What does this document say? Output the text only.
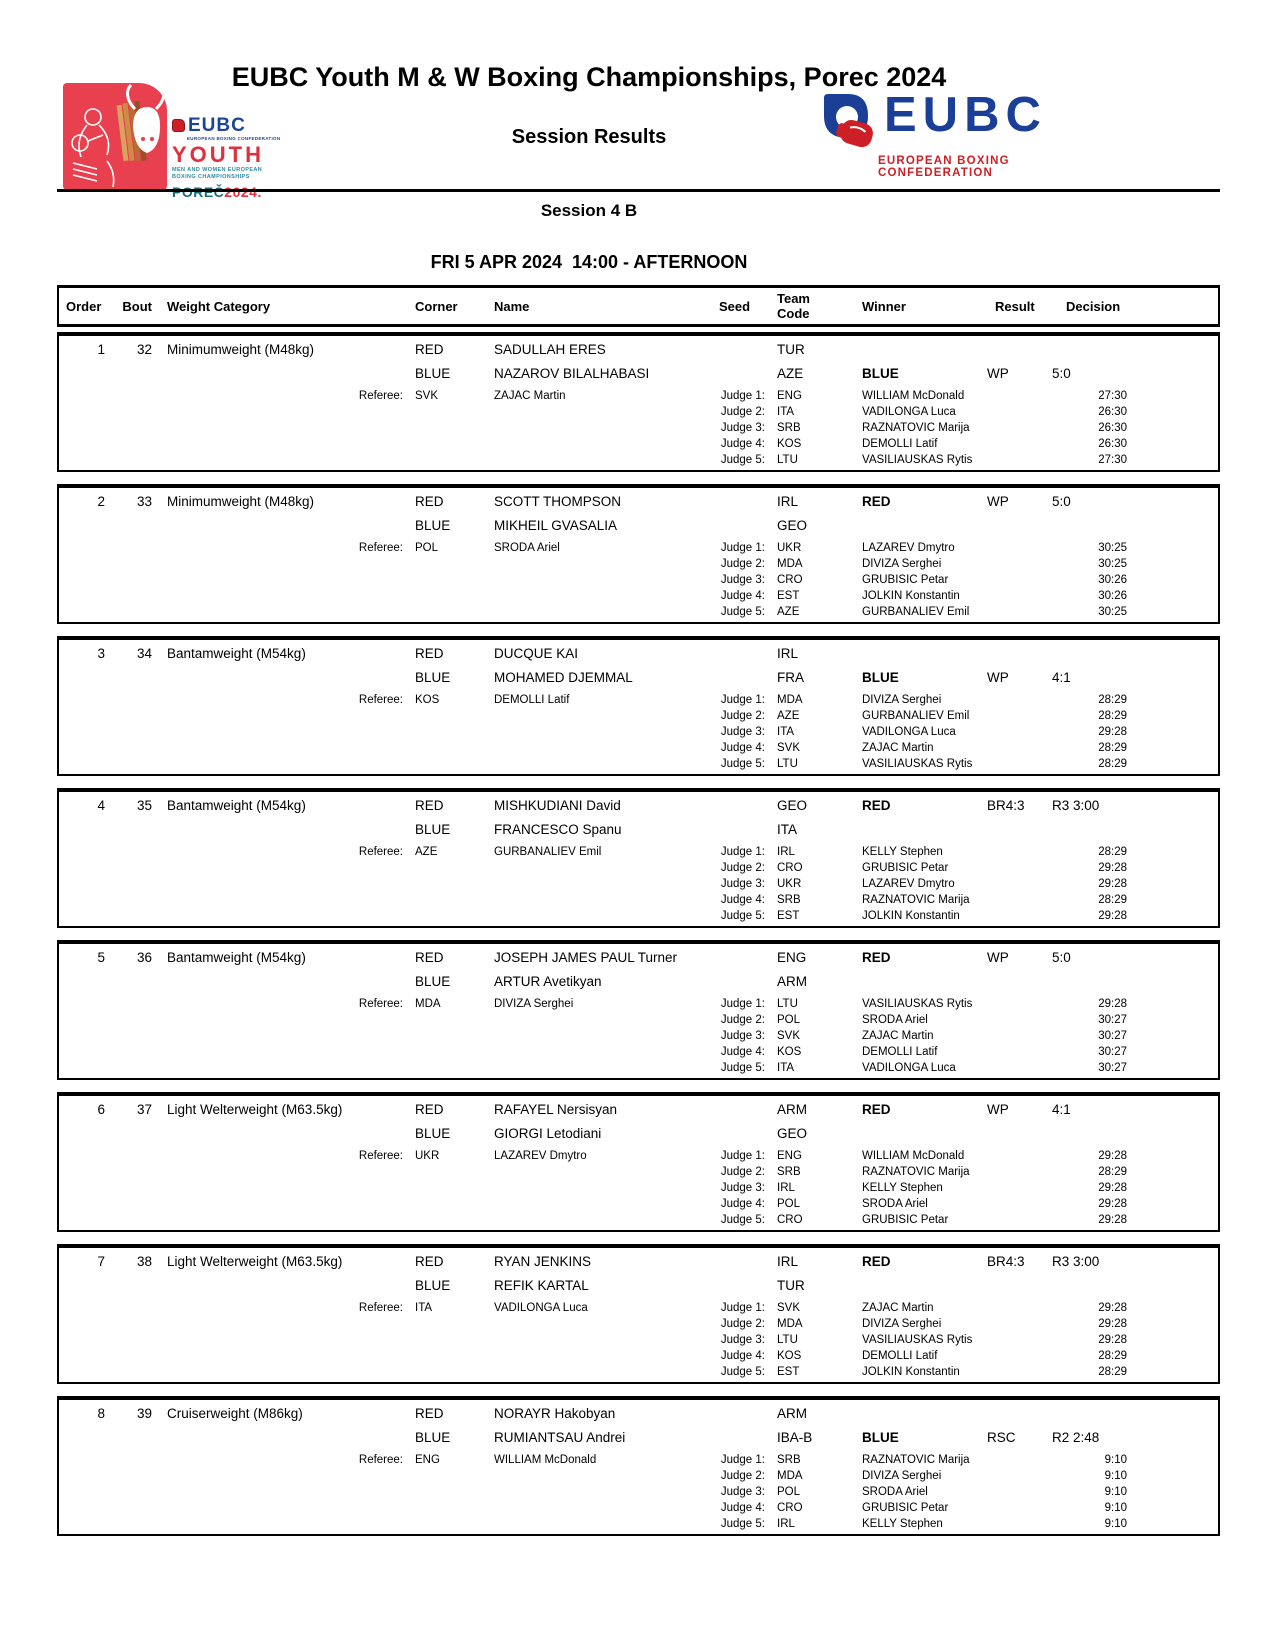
EUBC
EUROPEAN BOXING CONFEDERATION
YOUTH
MEN AND WOMEN EUROPEAN
BOXING CHAMPIONSHIPS
EUBC Youth M & W Boxing Championships, Porec 2024
Session Results	EUBC
EUROPEAN BOXING CONFEDERATION
Session 4 B
FRI 5 APR 2024  14:00 - AFTERNOON
Order	Bout	Weight Category	Corner	Name	Seed	Team
Code	Winner	Result	Decision
1	32	Minimumweight (M48kg)	RED	SADULLAH ERES	TUR
BLUE	NAZAROV BILALHABASI	AZE	BLUE	WP	5:0
Referee:	SVK	ZAJAC Martin	Judge 1:	ENG	WILLIAM McDonald	27:30
Judge 2:	ITA	VADILONGA Luca	26:30
Judge 3:	SRB	RAZNATOVIC Marija	26:30
Judge 4:	KOS	DEMOLLI Latif	26:30
Judge 5:	LTU	VASILIAUSKAS Rytis	27:30
2	33	Minimumweight (M48kg)	RED	SCOTT THOMPSON	IRL	RED	WP	5:0
BLUE	MIKHEIL GVASALIA	GEO
Referee:	POL	SRODA Ariel	Judge 1:	UKR	LAZAREV Dmytro	30:25
Judge 2:	MDA	DIVIZA Serghei	30:25
Judge 3:	CRO	GRUBISIC Petar	30:26
Judge 4:	EST	JOLKIN Konstantin	30:26
Judge 5:	AZE	GURBANALIEV Emil	30:25
3	34	Bantamweight (M54kg)	RED	DUCQUE KAI	IRL
BLUE	MOHAMED DJEMMAL	FRA	BLUE	WP	4:1
Referee:	KOS	DEMOLLI Latif	Judge 1:	MDA	DIVIZA Serghei	28:29
Judge 2:	AZE	GURBANALIEV Emil	28:29
Judge 3:	ITA	VADILONGA Luca	29:28
Judge 4:	SVK	ZAJAC Martin	28:29
Judge 5:	LTU	VASILIAUSKAS Rytis	28:29
4	35	Bantamweight (M54kg)	RED	MISHKUDIANI David	GEO	RED	BR4:3	R3 3:00
BLUE	FRANCESCO Spanu	ITA
Referee:	AZE	GURBANALIEV Emil	Judge 1:	IRL	KELLY Stephen	28:29
Judge 2:	CRO	GRUBISIC Petar	29:28
Judge 3:	UKR	LAZAREV Dmytro	29:28
Judge 4:	SRB	RAZNATOVIC Marija	28:29
Judge 5:	EST	JOLKIN Konstantin	29:28
5	36	Bantamweight (M54kg)	RED	JOSEPH JAMES PAUL Turner	ENG	RED	WP	5:0
BLUE	ARTUR Avetikyan	ARM
Referee:	MDA	DIVIZA Serghei	Judge 1:	LTU	VASILIAUSKAS Rytis	29:28
Judge 2:	POL	SRODA Ariel	30:27
Judge 3:	SVK	ZAJAC Martin	30:27
Judge 4:	KOS	DEMOLLI Latif	30:27
Judge 5:	ITA	VADILONGA Luca	30:27
6	37	Light Welterweight (M63.5kg)	RED	RAFAYEL Nersisyan	ARM	RED	WP	4:1
BLUE	GIORGI Letodiani	GEO
Referee:	UKR	LAZAREV Dmytro	Judge 1:	ENG	WILLIAM McDonald	29:28
Judge 2:	SRB	RAZNATOVIC Marija	28:29
Judge 3:	IRL	KELLY Stephen	29:28
Judge 4:	POL	SRODA Ariel	29:28
Judge 5:	CRO	GRUBISIC Petar	29:28
7	38	Light Welterweight (M63.5kg)	RED	RYAN JENKINS	IRL	RED	BR4:3	R3 3:00
BLUE	REFIK KARTAL	TUR
Referee:	ITA	VADILONGA Luca	Judge 1:	SVK	ZAJAC Martin	29:28
Judge 2:	MDA	DIVIZA Serghei	29:28
Judge 3:	LTU	VASILIAUSKAS Rytis	29:28
Judge 4:	KOS	DEMOLLI Latif	28:29
Judge 5:	EST	JOLKIN Konstantin	28:29
8	39	Cruiserweight (M86kg)	RED	NORAYR Hakobyan	ARM
BLUE	RUMIANTSAU Andrei	IBA-B	BLUE	RSC	R2 2:48
Referee:	ENG	WILLIAM McDonald	Judge 1:	SRB	RAZNATOVIC Marija	9:10
Judge 2:	MDA	DIVIZA Serghei	9:10
Judge 3:	POL	SRODA Ariel	9:10
Judge 4:	CRO	GRUBISIC Petar	9:10
Judge 5:	IRL	KELLY Stephen	9:10
